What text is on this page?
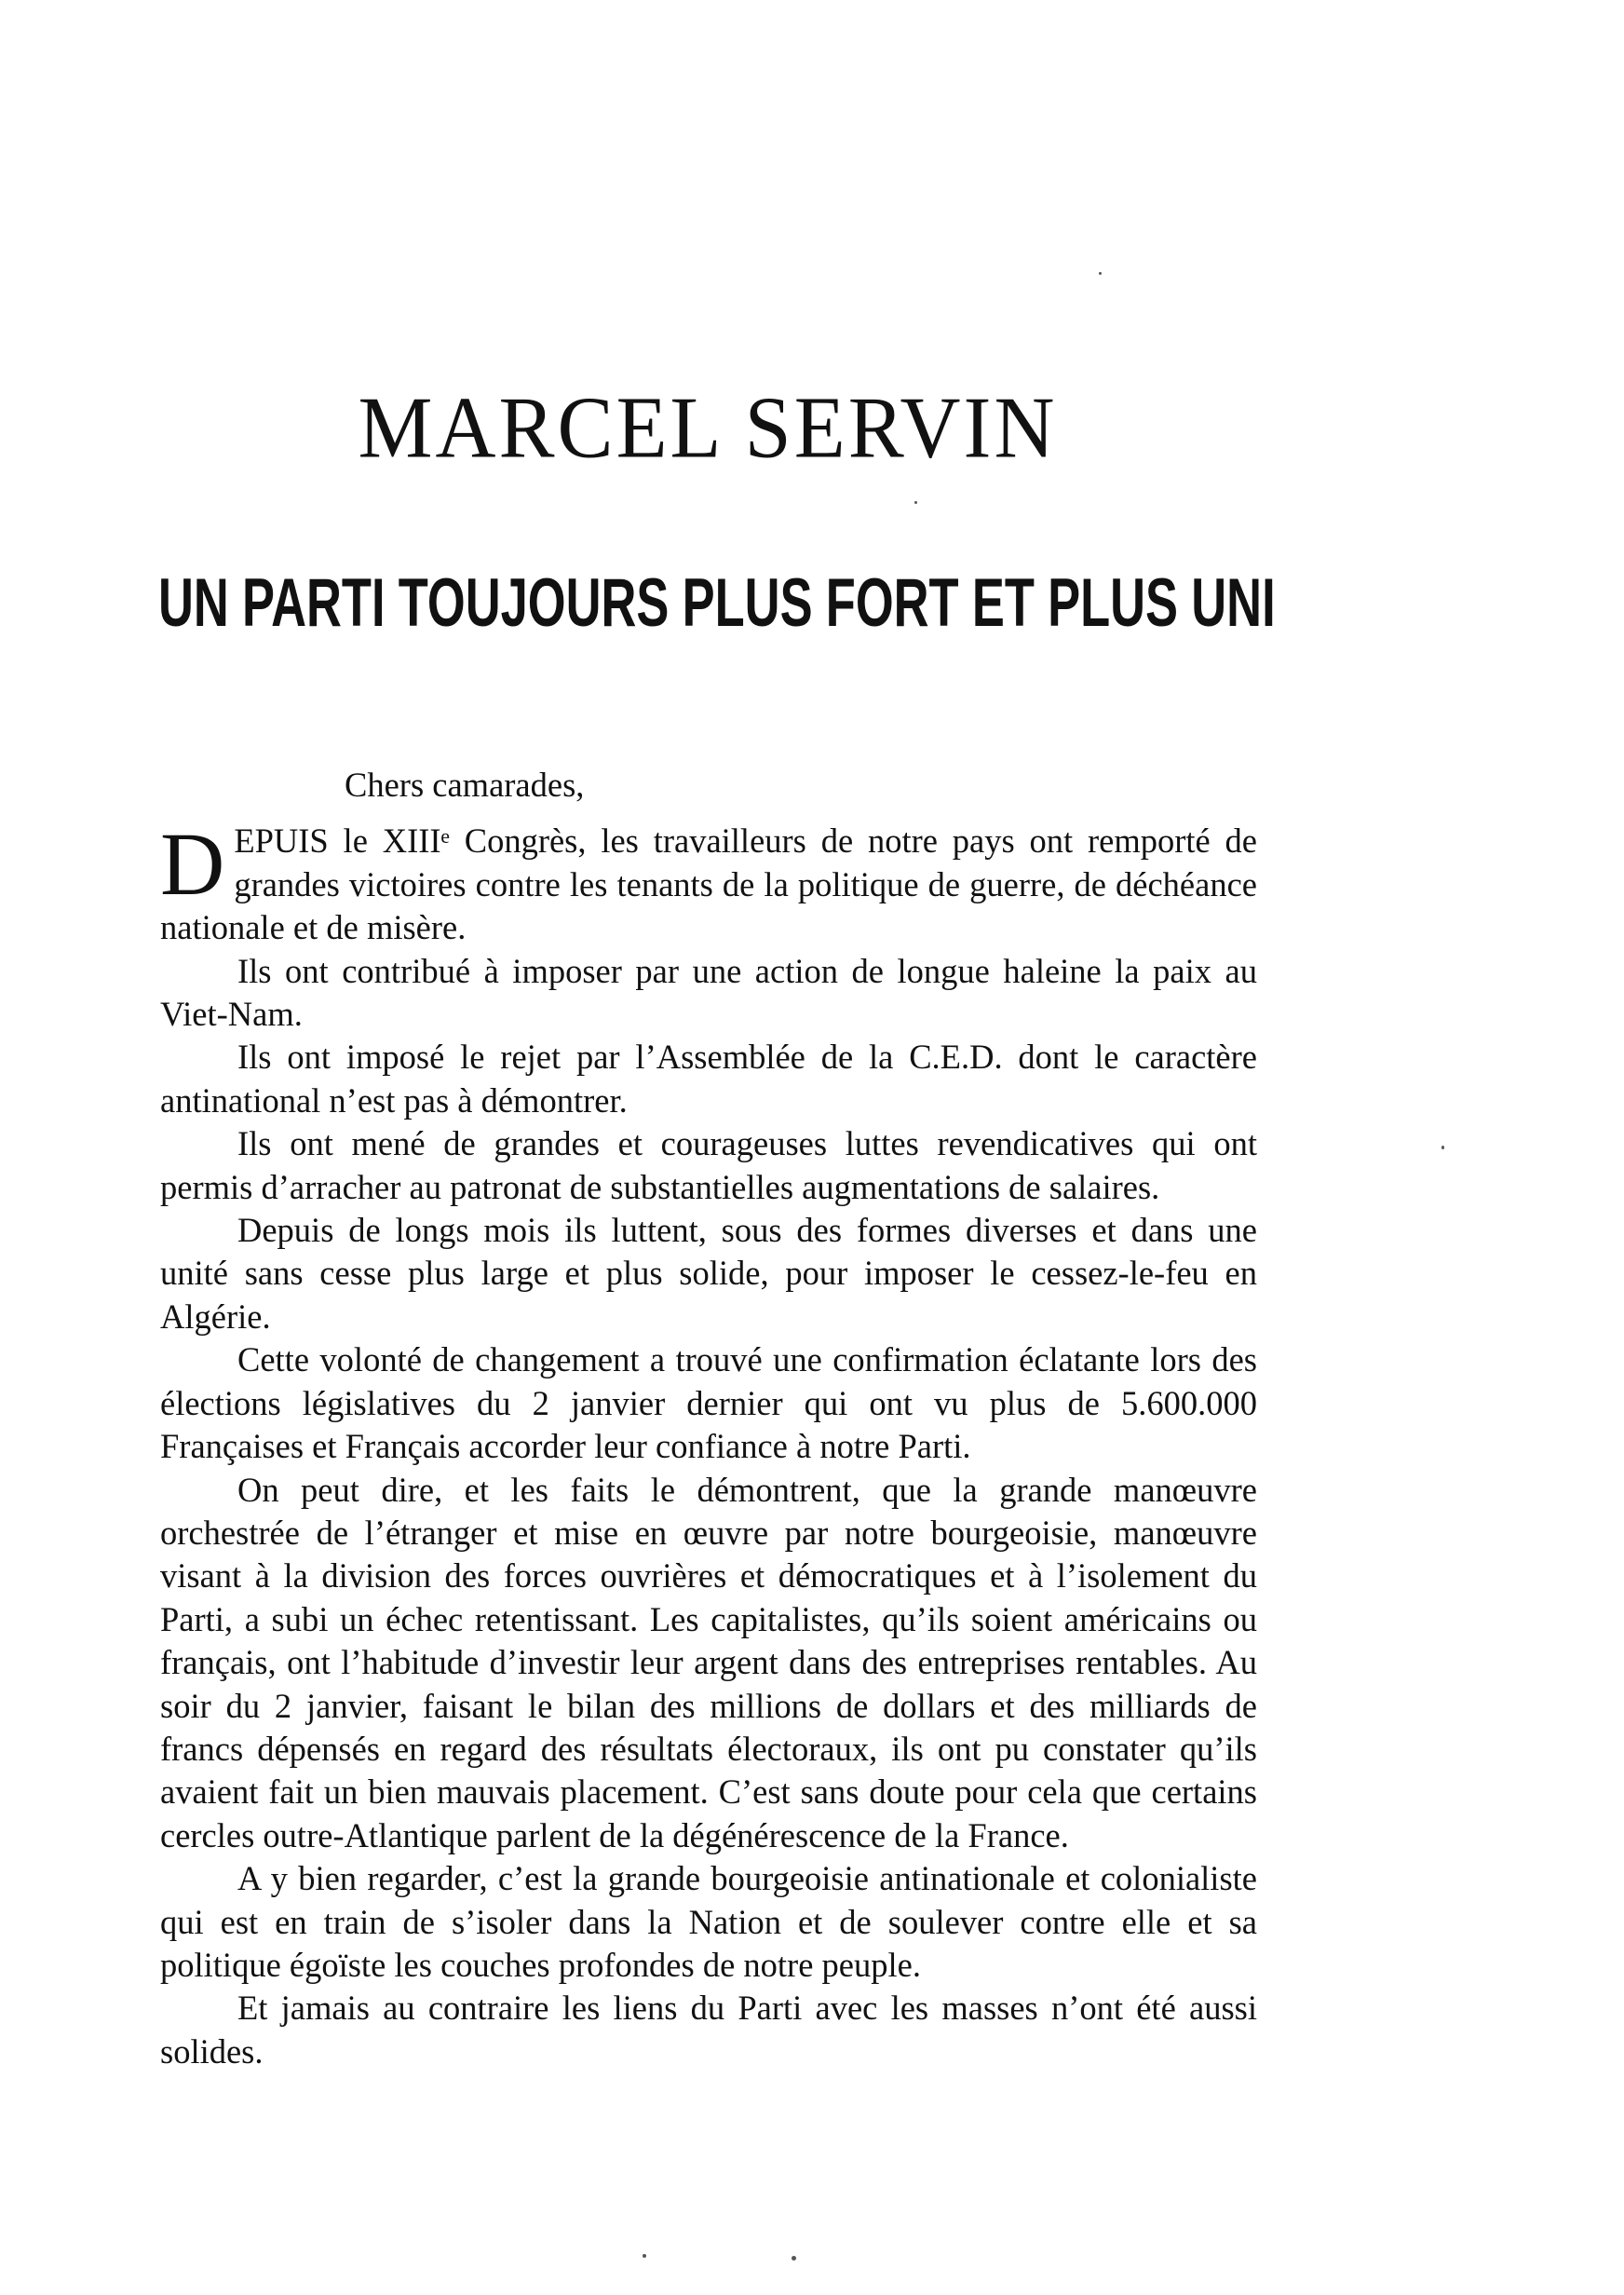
MARCEL SERVIN
UN PARTI TOUJOURS PLUS FORT ET PLUS UNI

Chers camarades,

DEPUIS le XIIIᵉ Congrès, les travailleurs de notre pays ont remporté de grandes victoires contre les tenants de la politique de guerre, de déchéance nationale et de misère.

Ils ont contribué à imposer par une action de longue haleine la paix au Viet-Nam.

Ils ont imposé le rejet par l’Assemblée de la C.E.D. dont le caractère antinational n’est pas à démontrer.

Ils ont mené de grandes et courageuses luttes revendicatives qui ont permis d’arracher au patronat de substantielles augmentations de salaires.

Depuis de longs mois ils luttent, sous des formes diverses et dans une unité sans cesse plus large et plus solide, pour imposer le cessez-le-feu en Algérie.

Cette volonté de changement a trouvé une confirmation éclatante lors des élections législatives du 2 janvier dernier qui ont vu plus de 5.600.000 Françaises et Français accorder leur confiance à notre Parti.

On peut dire, et les faits le démontrent, que la grande manœuvre orchestrée de l’étranger et mise en œuvre par notre bourgeoisie, manœuvre visant à la division des forces ouvrières et démocratiques et à l’isolement du Parti, a subi un échec retentissant. Les capitalistes, qu’ils soient américains ou français, ont l’habitude d’investir leur argent dans des entreprises rentables. Au soir du 2 janvier, faisant le bilan des millions de dollars et des milliards de francs dépensés en regard des résultats électoraux, ils ont pu constater qu’ils avaient fait un bien mauvais placement. C’est sans doute pour cela que certains cercles outre-Atlantique parlent de la dégénérescence de la France.

A y bien regarder, c’est la grande bourgeoisie antinationale et colonialiste qui est en train de s’isoler dans la Nation et de soulever contre elle et sa politique égoïste les couches profondes de notre peuple.

Et jamais au contraire les liens du Parti avec les masses n’ont été aussi solides.
